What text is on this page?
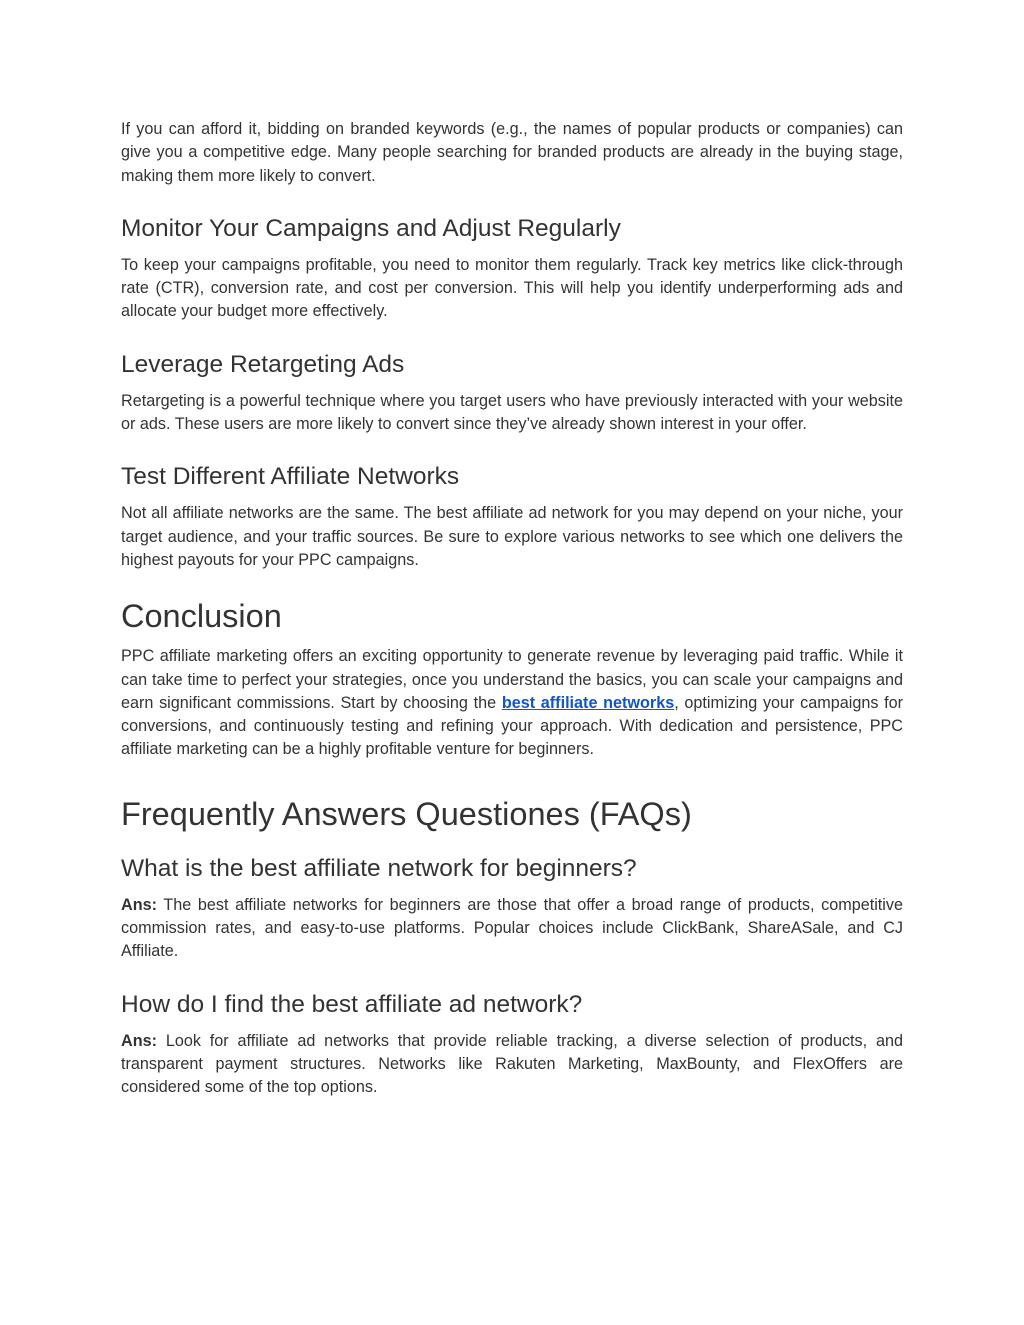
If you can afford it, bidding on branded keywords (e.g., the names of popular products or companies) can give you a competitive edge. Many people searching for branded products are already in the buying stage, making them more likely to convert.

Monitor Your Campaigns and Adjust Regularly

To keep your campaigns profitable, you need to monitor them regularly. Track key metrics like click-through rate (CTR), conversion rate, and cost per conversion. This will help you identify underperforming ads and allocate your budget more effectively.

Leverage Retargeting Ads

Retargeting is a powerful technique where you target users who have previously interacted with your website or ads. These users are more likely to convert since they’ve already shown interest in your offer.

Test Different Affiliate Networks

Not all affiliate networks are the same. The best affiliate ad network for you may depend on your niche, your target audience, and your traffic sources. Be sure to explore various networks to see which one delivers the highest payouts for your PPC campaigns.

Conclusion

PPC affiliate marketing offers an exciting opportunity to generate revenue by leveraging paid traffic. While it can take time to perfect your strategies, once you understand the basics, you can scale your campaigns and earn significant commissions. Start by choosing the best affiliate networks, optimizing your campaigns for conversions, and continuously testing and refining your approach. With dedication and persistence, PPC affiliate marketing can be a highly profitable venture for beginners.

Frequently Answers Questiones (FAQs)
What is the best affiliate network for beginners?

Ans: The best affiliate networks for beginners are those that offer a broad range of products, competitive commission rates, and easy-to-use platforms. Popular choices include ClickBank, ShareASale, and CJ Affiliate.

How do I find the best affiliate ad network?

Ans: Look for affiliate ad networks that provide reliable tracking, a diverse selection of products, and transparent payment structures. Networks like Rakuten Marketing, MaxBounty, and FlexOffers are considered some of the top options.
